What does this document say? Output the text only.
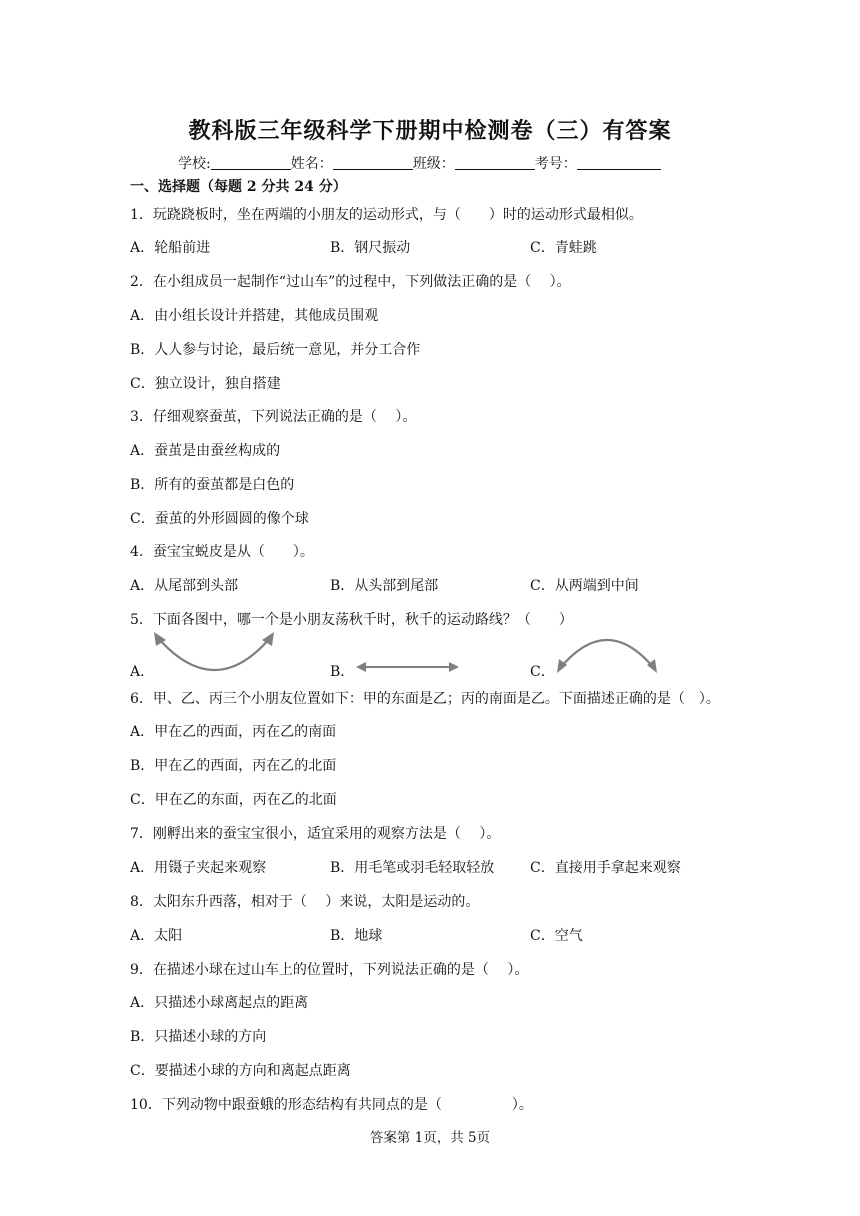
教科版三年级科学下册期中检测卷（三）有答案
学校:	姓名：	班级：	考号：
一、选择题（每题 2 分共 24 分）
1．玩跷跷板时，坐在两端的小朋友的运动形式，与（　　）时的运动形式最相似。
A．轮船前进	B．钢尺振动	C．青蛙跳
2．在小组成员一起制作“过山车”的过程中，下列做法正确的是（　 ）。
A．由小组长设计并搭建，其他成员围观
B．人人参与讨论，最后统一意见，并分工合作
C．独立设计，独自搭建
3．仔细观察蚕茧，下列说法正确的是（　 ）。
A．蚕茧是由蚕丝构成的
B．所有的蚕茧都是白色的
C．蚕茧的外形圆圆的像个球
4．蚕宝宝蜕皮是从（　　）。
A．从尾部到头部	B．从头部到尾部	C．从两端到中间
5．下面各图中，哪一个是小朋友荡秋千时，秋千的运动路线？（　　）
A．	B．	C．
6．甲、乙、丙三个小朋友位置如下：甲的东面是乙；丙的南面是乙。下面描述正确的是（　）。
A．甲在乙的西面，丙在乙的南面
B．甲在乙的西面，丙在乙的北面
C．甲在乙的东面，丙在乙的北面
7．刚孵出来的蚕宝宝很小，适宜采用的观察方法是（　 ）。
A．用镊子夹起来观察	B．用毛笔或羽毛轻取轻放	C．直接用手拿起来观察
8．太阳东升西落，相对于（　 ）来说，太阳是运动的。
A．太阳	B．地球	C．空气
9．在描述小球在过山车上的位置时，下列说法正确的是（　 ）。
A．只描述小球离起点的距离
B．只描述小球的方向
C．要描述小球的方向和离起点距离
10．下列动物中跟蚕蛾的形态结构有共同点的是（　　　　　）。
答案第 1页，共 5页
